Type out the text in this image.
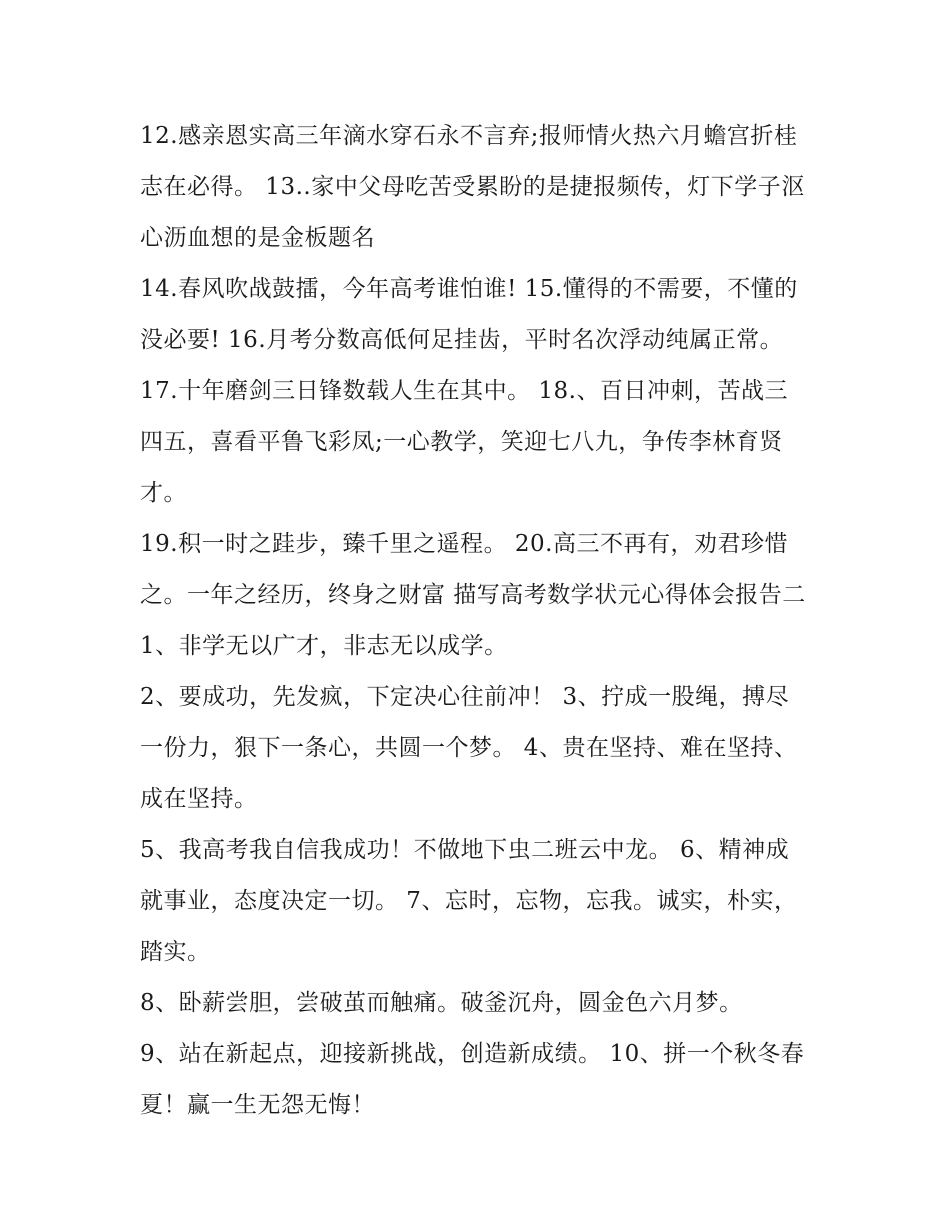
12.感亲恩实高三年滴水穿石永不言弃;报师情火热六月蟾宫折桂志在必得。 13..家中父母吃苦受累盼的是捷报频传，灯下学子沤心沥血想的是金板题名

14.春风吹战鼓擂，今年高考谁怕谁! 15.懂得的不需要，不懂的没必要! 16.月考分数高低何足挂齿，平时名次浮动纯属正常。

17.十年磨剑三日锋数载人生在其中。 18.、百日冲刺，苦战三四五，喜看平鲁飞彩凤;一心教学，笑迎七八九，争传李林育贤才。

19.积一时之跬步，臻千里之遥程。 20.高三不再有，劝君珍惜之。一年之经历，终身之财富 描写高考数学状元心得体会报告二 1、非学无以广才，非志无以成学。

2、要成功，先发疯，下定决心往前冲！ 3、拧成一股绳，搏尽一份力，狠下一条心，共圆一个梦。 4、贵在坚持、难在坚持、成在坚持。

5、我高考我自信我成功！不做地下虫二班云中龙。 6、精神成就事业，态度决定一切。 7、忘时，忘物，忘我。诚实，朴实，踏实。

8、卧薪尝胆，尝破茧而触痛。破釜沉舟，圆金色六月梦。

9、站在新起点，迎接新挑战，创造新成绩。 10、拼一个秋冬春夏！赢一生无怨无悔！
